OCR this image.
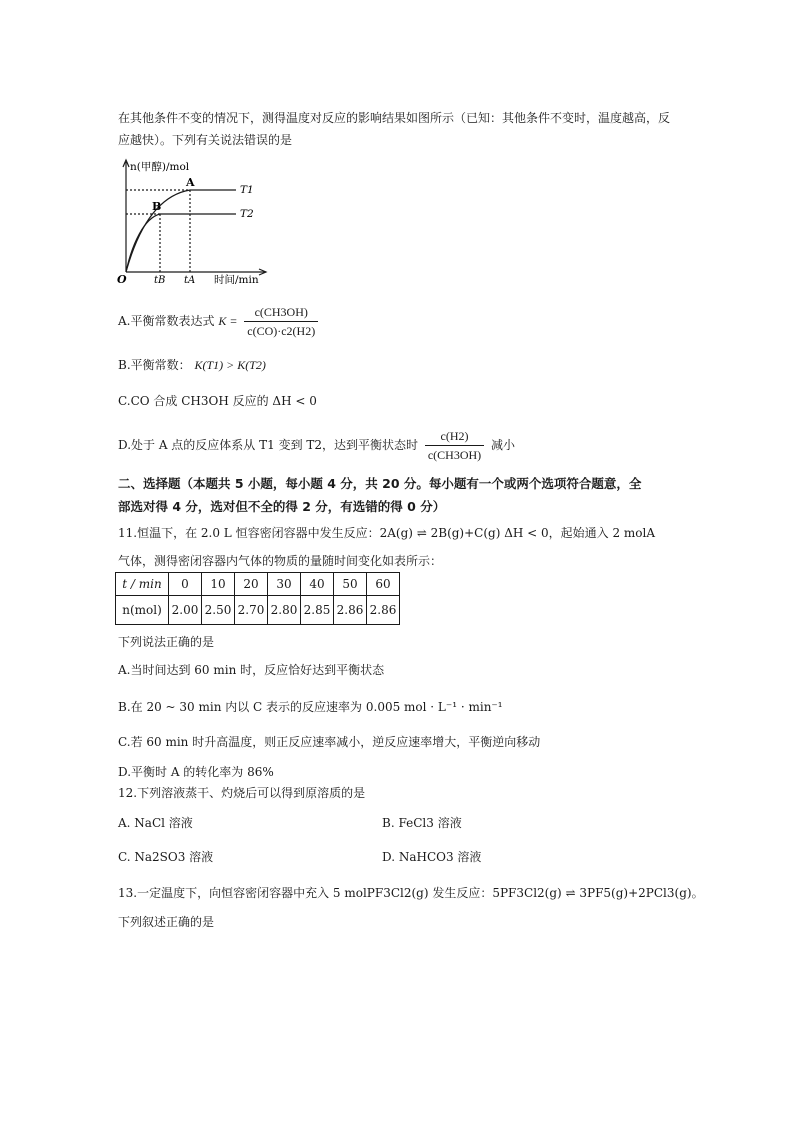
在其他条件不变的情况下，测得温度对反应的影响结果如图所示（已知：其他条件不变时，温度越高，反
应越快）。下列有关说法错误的是
n(甲醇)/mol
A
B
T1
T2
O	tB tA 时间/min
A.平衡常数表达式 $K = \frac{c(CH3OH)}{c(CO)\cdot c2(H2)}$
B.平衡常数： K(T1) > K(T2)
C.CO 合成 CH3OH 反应的 ΔH < 0
D.处于 A 点的反应体系从 T1 变到 T2，达到平衡状态时 $\frac{c(H2)}{c(CH3OH)}$ 减小
二、选择题（本题共 5 小题，每小题 4 分，共 20 分。每小题有一个或两个选项符合题意，全
部选对得 4 分，选对但不全的得 2 分，有选错的得 0 分）
11.恒温下，在 2.0 L 恒容密闭容器中发生反应：2A(g) ⇌ 2B(g)+C(g) ΔH < 0，起始通入 2 molA
气体，测得密闭容器内气体的物质的量随时间变化如表所示：
t / min	0	10	20	30	40	50	60
n(mol)	2.00	2.50	2.70	2.80	2.85	2.86	2.86
下列说法正确的是
A.当时间达到 60 min 时，反应恰好达到平衡状态
B.在 20 ~ 30 min 内以 C 表示的反应速率为 0.005 mol · L⁻¹ · min⁻¹
C.若 60 min 时升高温度，则正反应速率减小，逆反应速率增大，平衡逆向移动
D.平衡时 A 的转化率为 86%
12.下列溶液蒸干、灼烧后可以得到原溶质的是
A. NaCl 溶液	B. FeCl3 溶液
C. Na2SO3 溶液	D. NaHCO3 溶液
13.一定温度下，向恒容密闭容器中充入 5 molPF3Cl2(g) 发生反应：5PF3Cl2(g) ⇌ 3PF5(g)+2PCl3(g)。
下列叙述正确的是
